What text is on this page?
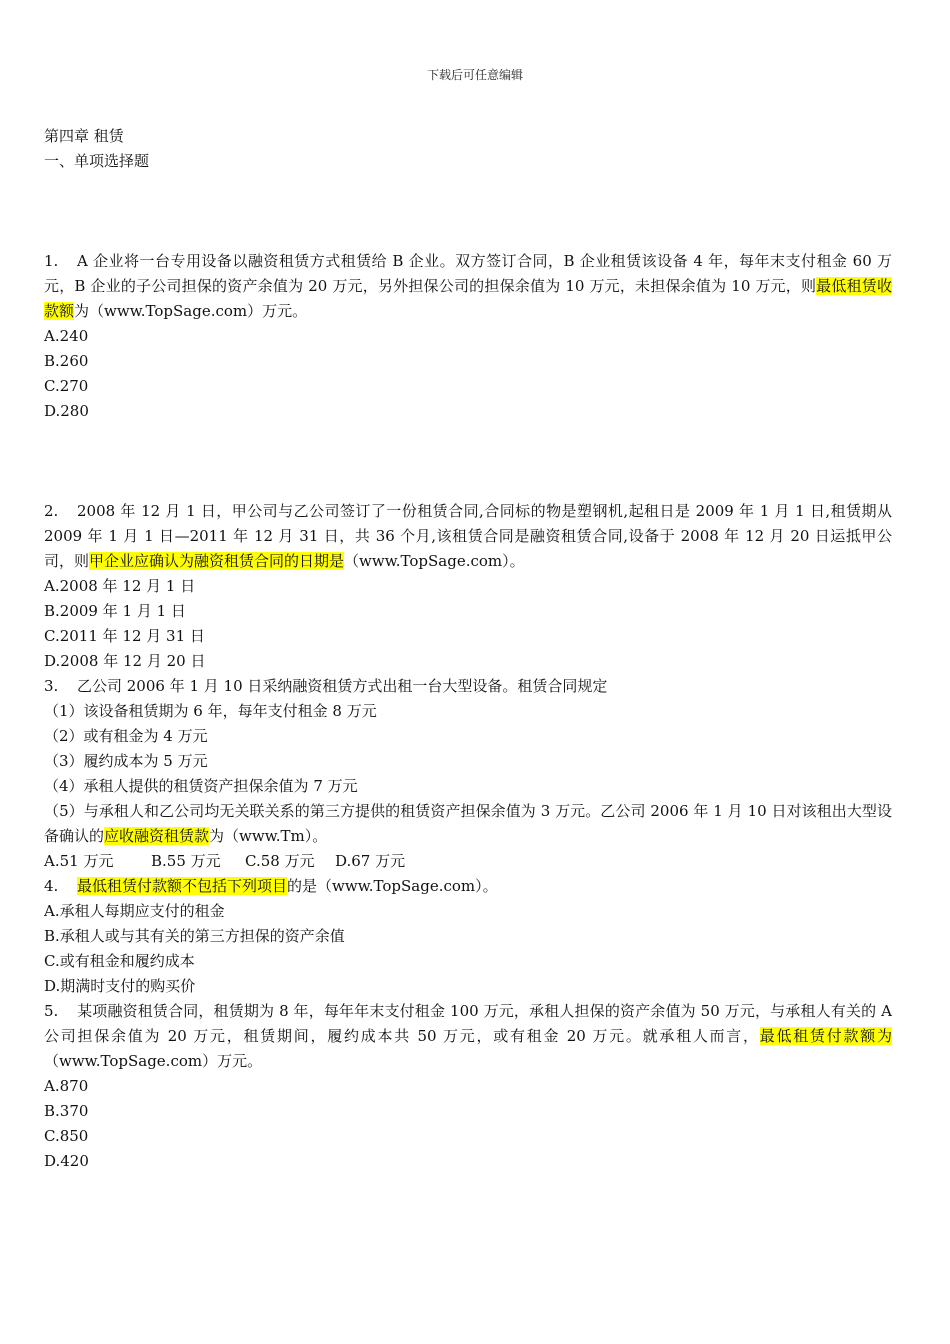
下载后可任意编辑

第四章 租赁

一、单项选择题

1. A 企业将一台专用设备以融资租赁方式租赁给 B 企业。双方签订合同，B 企业租赁该设备 4 年，每年末支付租金 60 万元，B 企业的子公司担保的资产余值为 20 万元，另外担保公司的担保余值为 10 万元，未担保余值为 10 万元，则最低租赁收款额为（www.TopSage.com）万元。

A.240

B.260

C.270

D.280

2. 2008 年 12 月 1 日，甲公司与乙公司签订了一份租赁合同,合同标的物是塑钢机,起租日是 2009 年 1 月 1 日,租赁期从 2009 年 1 月 1 日—2011 年 12 月 31 日，共 36 个月,该租赁合同是融资租赁合同,设备于 2008 年 12 月 20 日运抵甲公司，则甲企业应确认为融资租赁合同的日期是（www.TopSage.com）。

A.2008 年 12 月 1 日

B.2009 年 1 月 1 日

C.2011 年 12 月 31 日

D.2008 年 12 月 20 日

3. 乙公司 2006 年 1 月 10 日采纳融资租赁方式出租一台大型设备。租赁合同规定

（1）该设备租赁期为 6 年，每年支付租金 8 万元

（2）或有租金为 4 万元

（3）履约成本为 5 万元

（4）承租人提供的租赁资产担保余值为 7 万元

（5）与承租人和乙公司均无关联关系的第三方提供的租赁资产担保余值为 3 万元。乙公司 2006 年 1 月 10 日对该租出大型设备确认的应收融资租赁款为（www.Tm）。

A.51 万元	B.55 万元 C.58 万元 D.67 万元

4. 最低租赁付款额不包括下列项目的是（www.TopSage.com）。

A.承租人每期应支付的租金

B.承租人或与其有关的第三方担保的资产余值

C.或有租金和履约成本

D.期满时支付的购买价

5. 某项融资租赁合同，租赁期为 8 年，每年年末支付租金 100 万元，承租人担保的资产余值为 50 万元，与承租人有关的 A 公司担保余值为 20 万元，租赁期间，履约成本共 50 万元，或有租金 20 万元。就承租人而言，最低租赁付款额为（www.TopSage.com）万元。

A.870

B.370

C.850

D.420
